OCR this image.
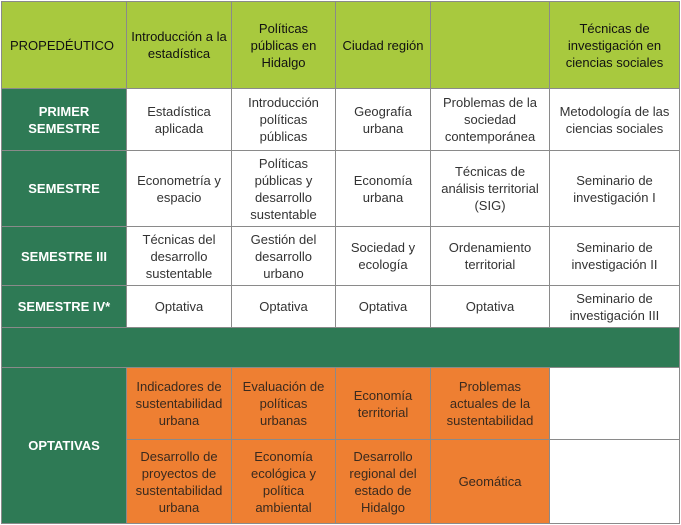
PROPEDÉUTICO	Introducción a la estadística	Políticas públicas en Hidalgo	Ciudad región		Técnicas de investigación en ciencias sociales
PRIMER SEMESTRE	Estadística aplicada	Introducción políticas públicas	Geografía urbana	Problemas de la sociedad contemporánea	Metodología de las ciencias sociales
SEMESTRE	Econometría y espacio	Políticas públicas y desarrollo sustentable	Economía urbana	Técnicas de análisis territorial (SIG)	Seminario de investigación I
SEMESTRE III	Técnicas del desarrollo sustentable	Gestión del desarrollo urbano	Sociedad y ecología	Ordenamiento territorial	Seminario de investigación II
SEMESTRE IV*	Optativa	Optativa	Optativa	Optativa	Seminario de investigación III

OPTATIVAS	Indicadores de sustentabilidad urbana	Evaluación de políticas urbanas	Economía territorial	Problemas actuales de la sustentabilidad	
	Desarrollo de proyectos de sustentabilidad urbana	Economía ecológica y política ambiental	Desarrollo regional del estado de Hidalgo	Geomática	
